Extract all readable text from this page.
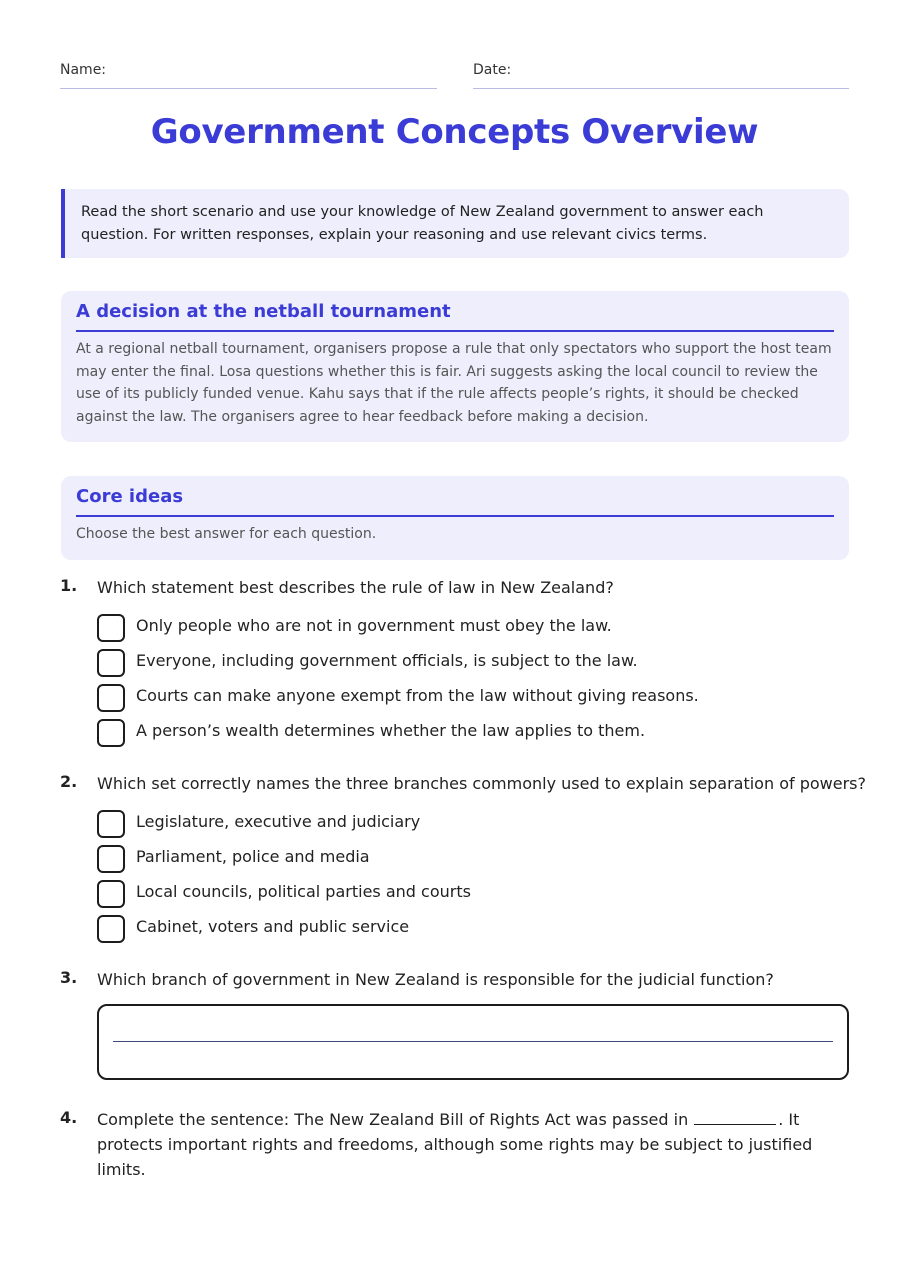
Name:	Date:
Government Concepts Overview
Read the short scenario and use your knowledge of New Zealand government to answer each question. For written responses, explain your reasoning and use relevant civics terms.
A decision at the netball tournament

At a regional netball tournament, organisers propose a rule that only spectators who support the host team may enter the final. Losa questions whether this is fair. Ari suggests asking the local council to review the use of its publicly funded venue. Kahu says that if the rule affects people’s rights, it should be checked against the law. The organisers agree to hear feedback before making a decision.

Core ideas

Choose the best answer for each question.

1. Which statement best describes the rule of law in New Zealand?
Only people who are not in government must obey the law.
Everyone, including government officials, is subject to the law.
Courts can make anyone exempt from the law without giving reasons.
A person’s wealth determines whether the law applies to them.
2. Which set correctly names the three branches commonly used to explain separation of powers?
Legislature, executive and judiciary
Parliament, police and media
Local councils, political parties and courts
Cabinet, voters and public service
3. Which branch of government in New Zealand is responsible for the judicial function?
4. Complete the sentence: The New Zealand Bill of Rights Act was passed in	. It protects important rights and freedoms, although some rights may be subject to justified limits.
